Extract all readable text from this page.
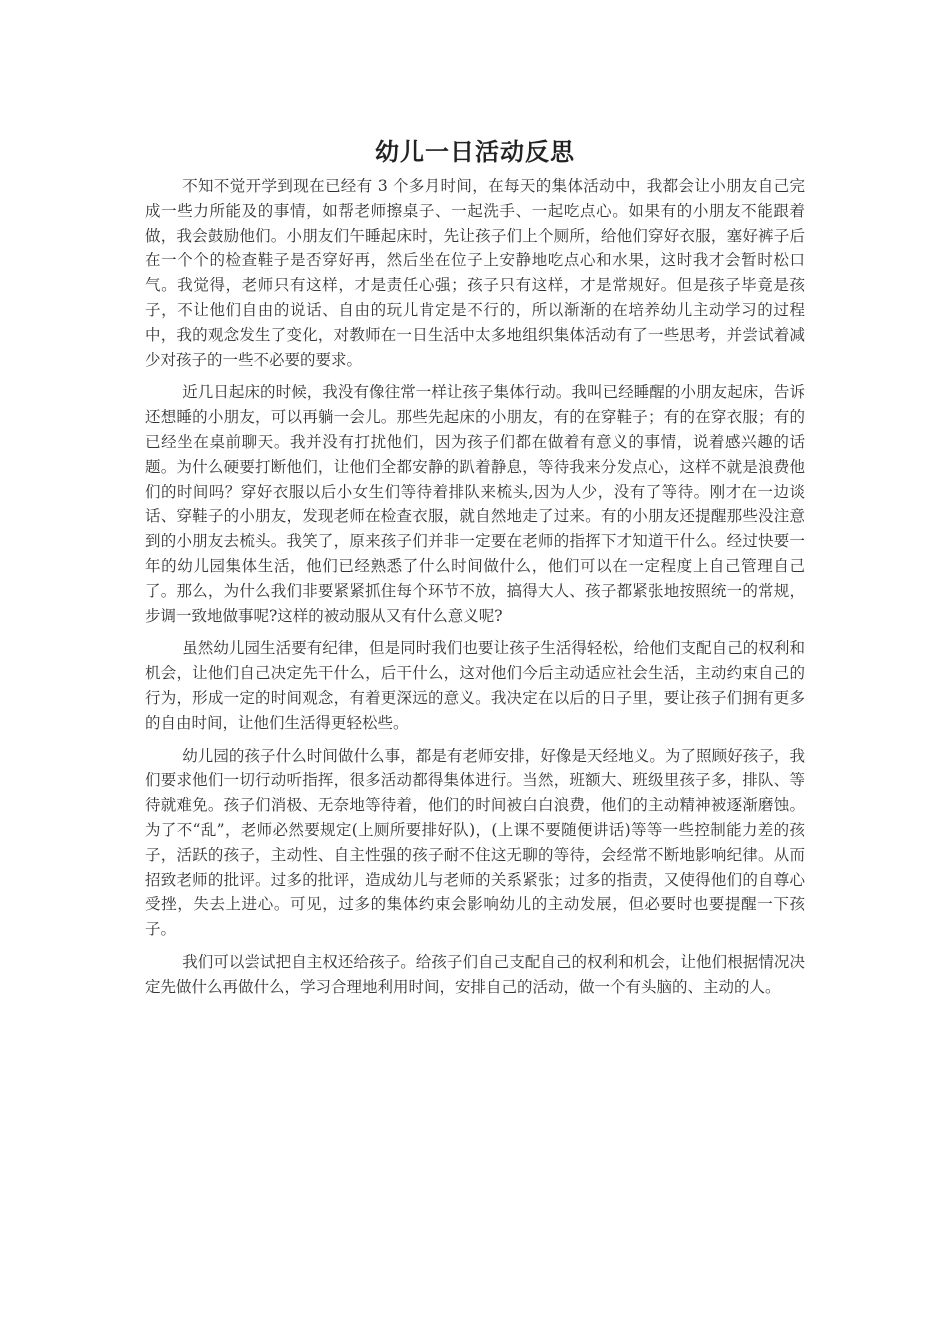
幼儿一日活动反思

不知不觉开学到现在已经有 3 个多月时间，在每天的集体活动中，我都会让小朋友自己完成一些力所能及的事情，如帮老师擦桌子、一起洗手、一起吃点心。如果有的小朋友不能跟着做，我会鼓励他们。小朋友们午睡起床时，先让孩子们上个厕所，给他们穿好衣服，塞好裤子后在一个个的检查鞋子是否穿好再，然后坐在位子上安静地吃点心和水果，这时我才会暂时松口气。我觉得，老师只有这样，才是责任心强；孩子只有这样，才是常规好。但是孩子毕竟是孩子，不让他们自由的说话、自由的玩儿肯定是不行的，所以渐渐的在培养幼儿主动学习的过程中，我的观念发生了变化，对教师在一日生活中太多地组织集体活动有了一些思考，并尝试着减少对孩子的一些不必要的要求。

近几日起床的时候，我没有像往常一样让孩子集体行动。我叫已经睡醒的小朋友起床，告诉还想睡的小朋友，可以再躺一会儿。那些先起床的小朋友，有的在穿鞋子；有的在穿衣服；有的已经坐在桌前聊天。我并没有打扰他们，因为孩子们都在做着有意义的事情，说着感兴趣的话题。为什么硬要打断他们，让他们全都安静的趴着静息，等待我来分发点心，这样不就是浪费他们的时间吗？穿好衣服以后小女生们等待着排队来梳头,因为人少，没有了等待。刚才在一边谈话、穿鞋子的小朋友，发现老师在检查衣服，就自然地走了过来。有的小朋友还提醒那些没注意到的小朋友去梳头。我笑了，原来孩子们并非一定要在老师的指挥下才知道干什么。经过快要一年的幼儿园集体生活，他们已经熟悉了什么时间做什么，他们可以在一定程度上自己管理自己了。那么，为什么我们非要紧紧抓住每个环节不放，搞得大人、孩子都紧张地按照统一的常规，步调一致地做事呢?这样的被动服从又有什么意义呢?

虽然幼儿园生活要有纪律，但是同时我们也要让孩子生活得轻松，给他们支配自己的权利和机会，让他们自己决定先干什么，后干什么，这对他们今后主动适应社会生活，主动约束自己的行为，形成一定的时间观念，有着更深远的意义。我决定在以后的日子里，要让孩子们拥有更多的自由时间，让他们生活得更轻松些。

幼儿园的孩子什么时间做什么事，都是有老师安排，好像是天经地义。为了照顾好孩子，我们要求他们一切行动听指挥，很多活动都得集体进行。当然，班额大、班级里孩子多，排队、等待就难免。孩子们消极、无奈地等待着，他们的时间被白白浪费，他们的主动精神被逐渐磨蚀。为了不“乱”，老师必然要规定(上厕所要排好队)，(上课不要随便讲话)等等一些控制能力差的孩子，活跃的孩子，主动性、自主性强的孩子耐不住这无聊的等待，会经常不断地影响纪律。从而招致老师的批评。过多的批评，造成幼儿与老师的关系紧张；过多的指责，又使得他们的自尊心受挫，失去上进心。可见，过多的集体约束会影响幼儿的主动发展，但必要时也要提醒一下孩子。

我们可以尝试把自主权还给孩子。给孩子们自己支配自己的权利和机会，让他们根据情况决定先做什么再做什么，学习合理地利用时间，安排自己的活动，做一个有头脑的、主动的人。
